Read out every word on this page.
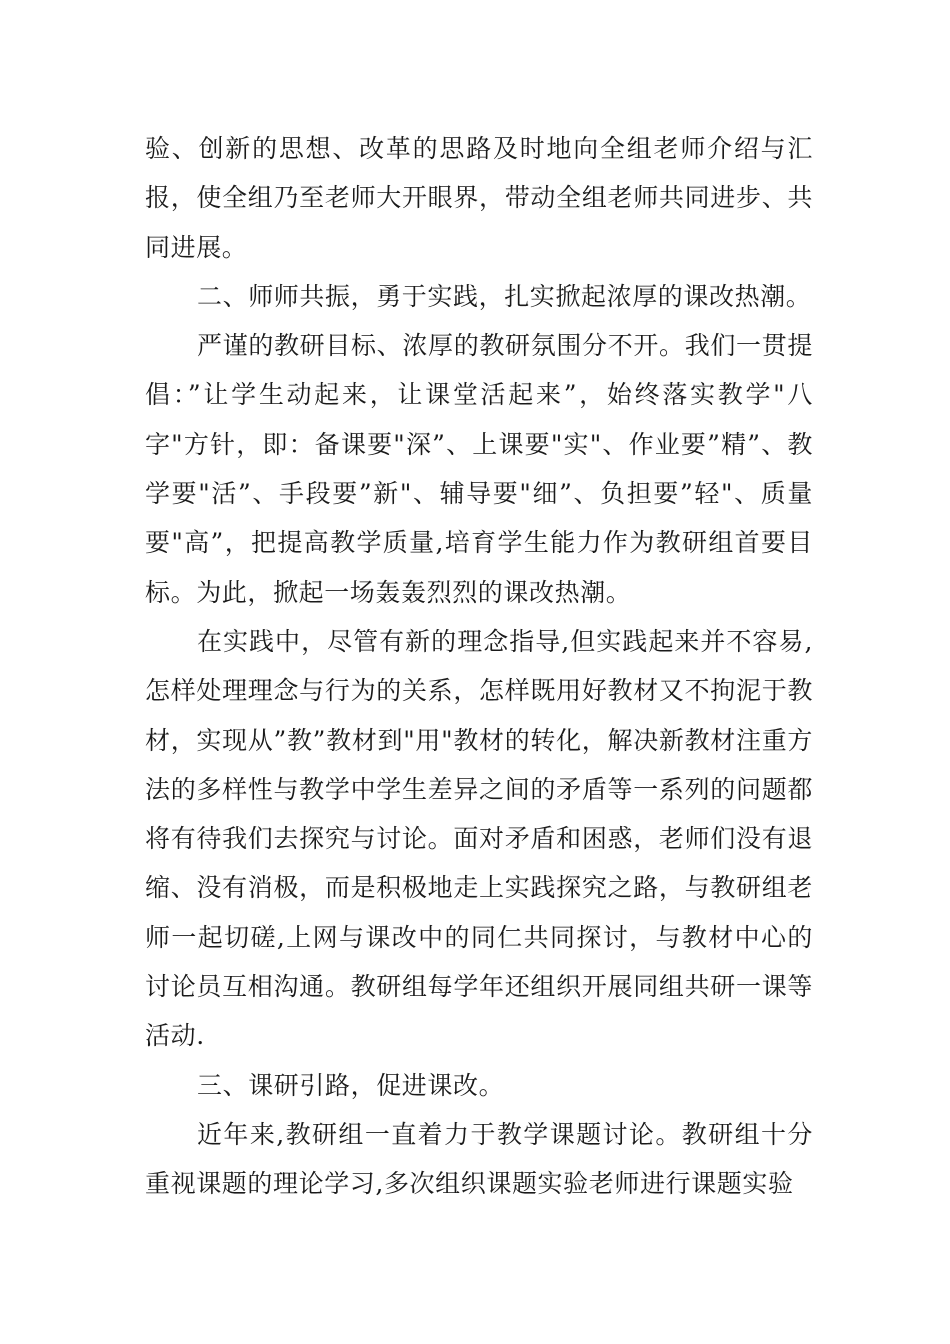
验、创新的思想、改革的思路及时地向全组老师介绍与汇报，使全组乃至老师大开眼界，带动全组老师共同进步、共同进展。

二、师师共振，勇于实践，扎实掀起浓厚的课改热潮。

严谨的教研目标、浓厚的教研氛围分不开。我们一贯提倡：”让学生动起来，让课堂活起来”，始终落实教学"八字"方针，即：备课要"深”、上课要"实"、作业要”精”、教学要"活”、手段要”新"、辅导要"细”、负担要”轻"、质量要"高”，把提高教学质量,培育学生能力作为教研组首要目标。为此，掀起一场轰轰烈烈的课改热潮。

在实践中，尽管有新的理念指导,但实践起来并不容易,怎样处理理念与行为的关系，怎样既用好教材又不拘泥于教材，实现从”教”教材到"用"教材的转化，解决新教材注重方法的多样性与教学中学生差异之间的矛盾等一系列的问题都将有待我们去探究与讨论。面对矛盾和困惑，老师们没有退缩、没有消极，而是积极地走上实践探究之路，与教研组老师一起切磋,上网与课改中的同仁共同探讨，与教材中心的讨论员互相沟通。教研组每学年还组织开展同组共研一课等活动.

三、课研引路，促进课改。

近年来,教研组一直着力于教学课题讨论。教研组十分重视课题的理论学习,多次组织课题实验老师进行课题实验
